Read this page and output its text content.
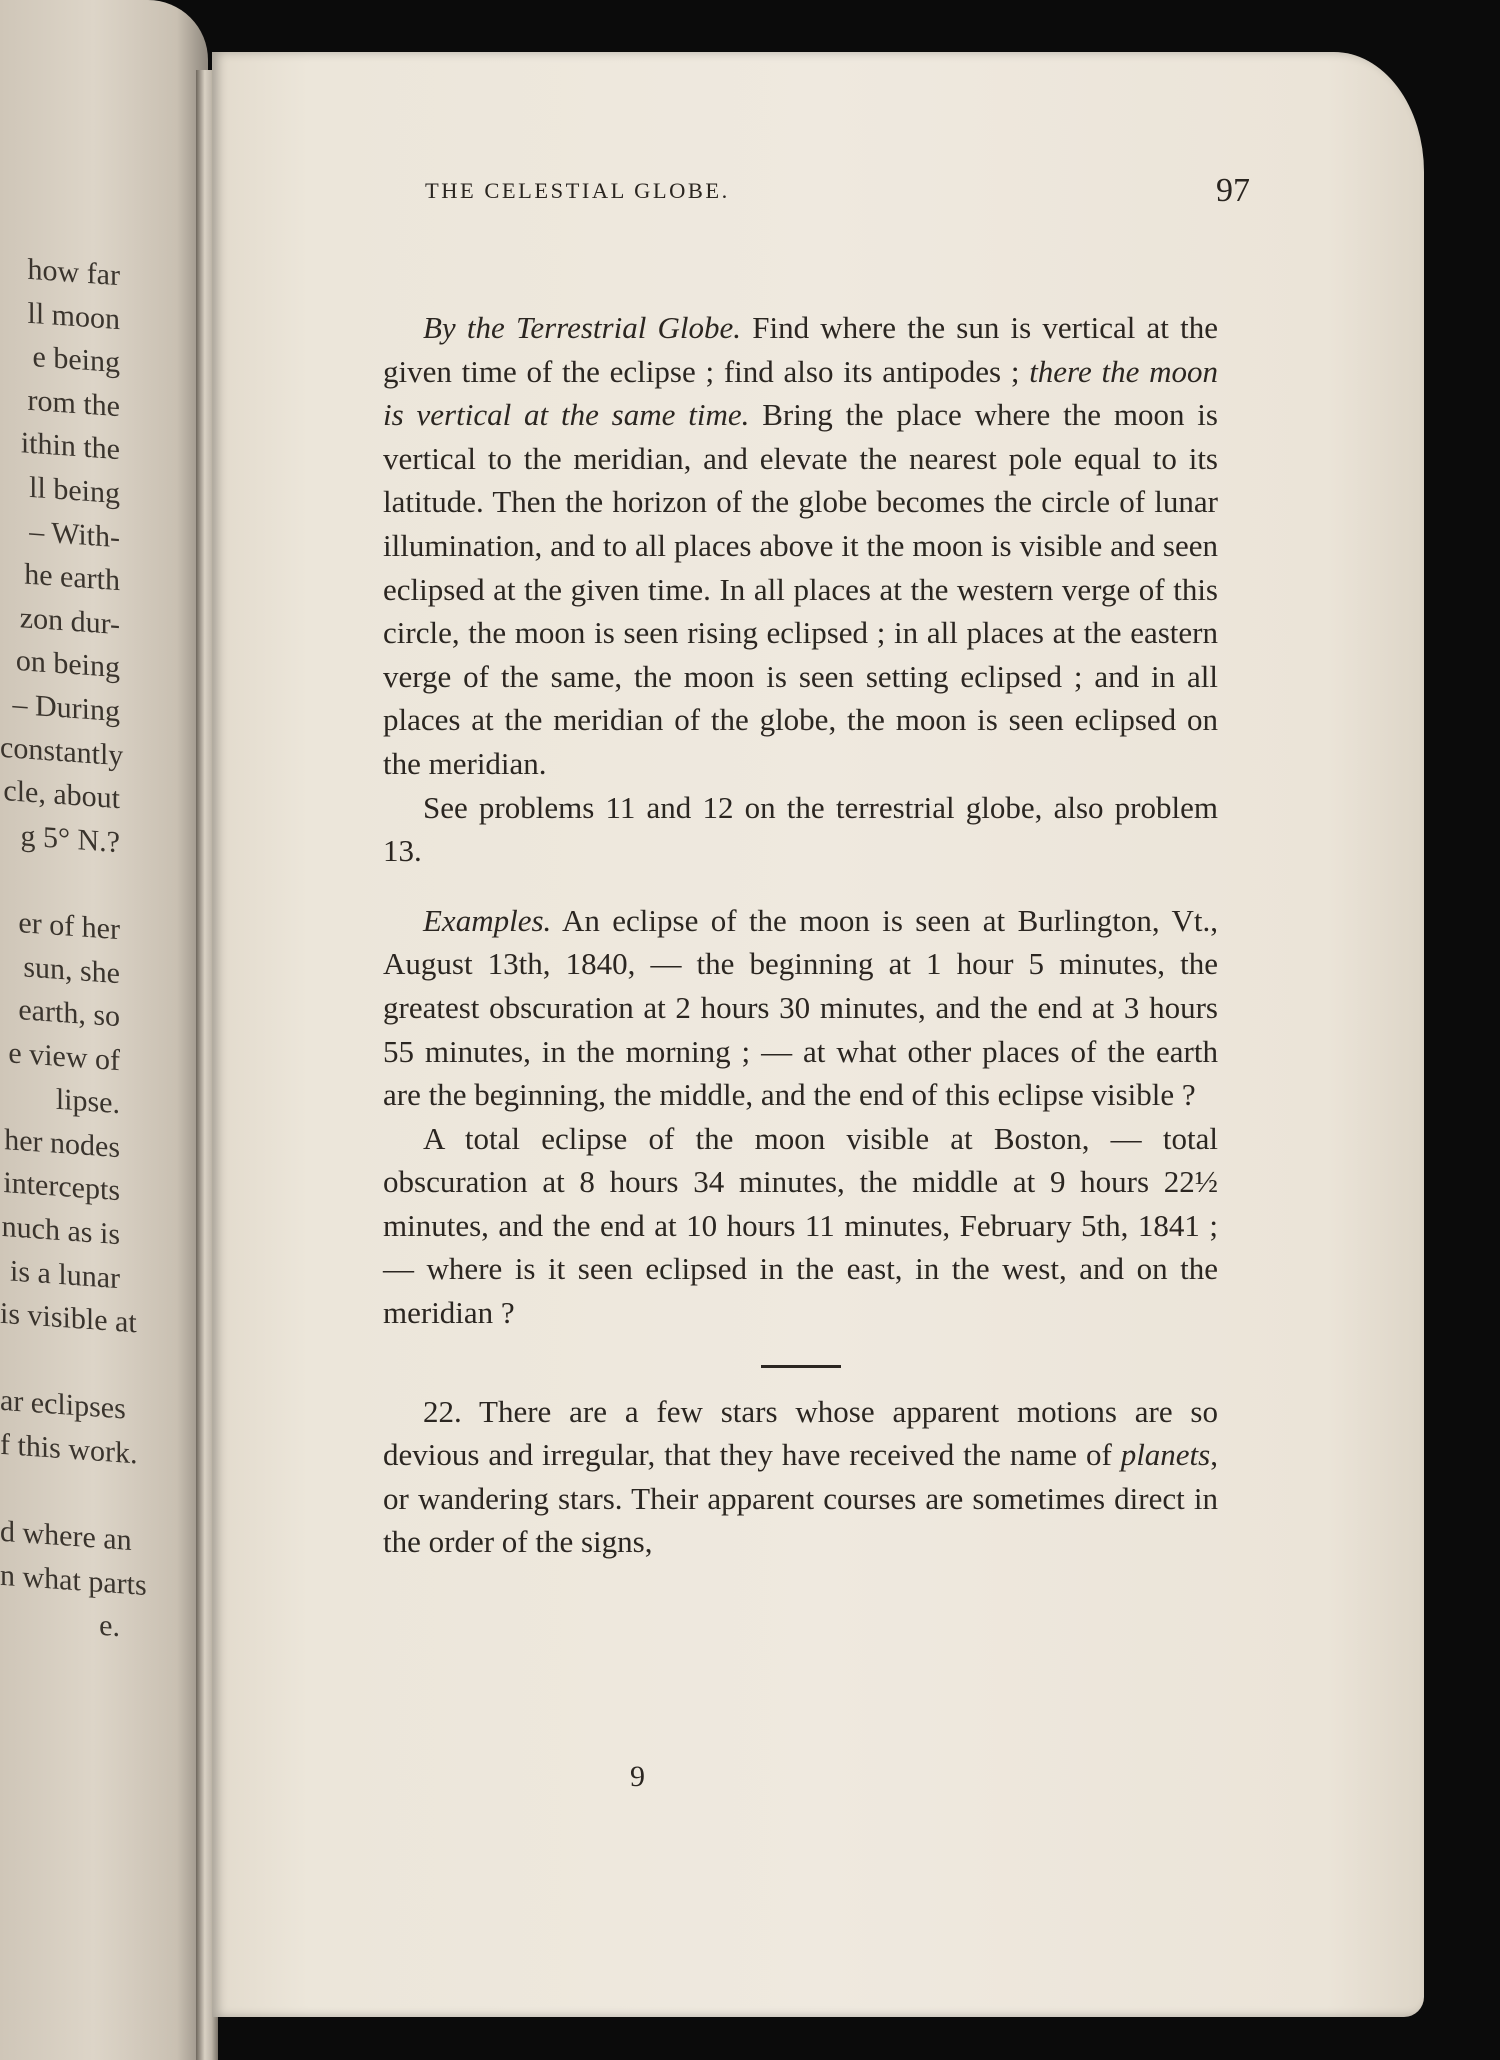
how far
ll moon
e being
rom the
ithin the
ll being
– With-
he earth
zon dur-
on being
– During
constantly
cle, about
g 5° N.?
er of her
sun, she
earth, so
e view of
lipse.
her nodes
intercepts
nuch as is
is a lunar
is visible at
ar eclipses
f this work.
d where an
n what parts
e.
THE CELESTIAL GLOBE.	97

By the Terrestrial Globe. Find where the sun is vertical at the given time of the eclipse ; find also its antipodes ; there the moon is vertical at the same time. Bring the place where the moon is vertical to the meridian, and elevate the nearest pole equal to its latitude. Then the horizon of the globe becomes the circle of lunar illumination, and to all places above it the moon is visible and seen eclipsed at the given time. In all places at the western verge of this circle, the moon is seen rising eclipsed ; in all places at the eastern verge of the same, the moon is seen setting eclipsed ; and in all places at the meridian of the globe, the moon is seen eclipsed on the meridian.

See problems 11 and 12 on the terrestrial globe, also problem 13.

Examples. An eclipse of the moon is seen at Burlington, Vt., August 13th, 1840, — the beginning at 1 hour 5 minutes, the greatest obscuration at 2 hours 30 minutes, and the end at 3 hours 55 minutes, in the morning ; — at what other places of the earth are the beginning, the middle, and the end of this eclipse visible ?

A total eclipse of the moon visible at Boston, — total obscuration at 8 hours 34 minutes, the middle at 9 hours 22½ minutes, and the end at 10 hours 11 minutes, February 5th, 1841 ; — where is it seen eclipsed in the east, in the west, and on the meridian ?

22. There are a few stars whose apparent motions are so devious and irregular, that they have received the name of planets, or wandering stars. Their apparent courses are sometimes direct in the order of the signs,

9
